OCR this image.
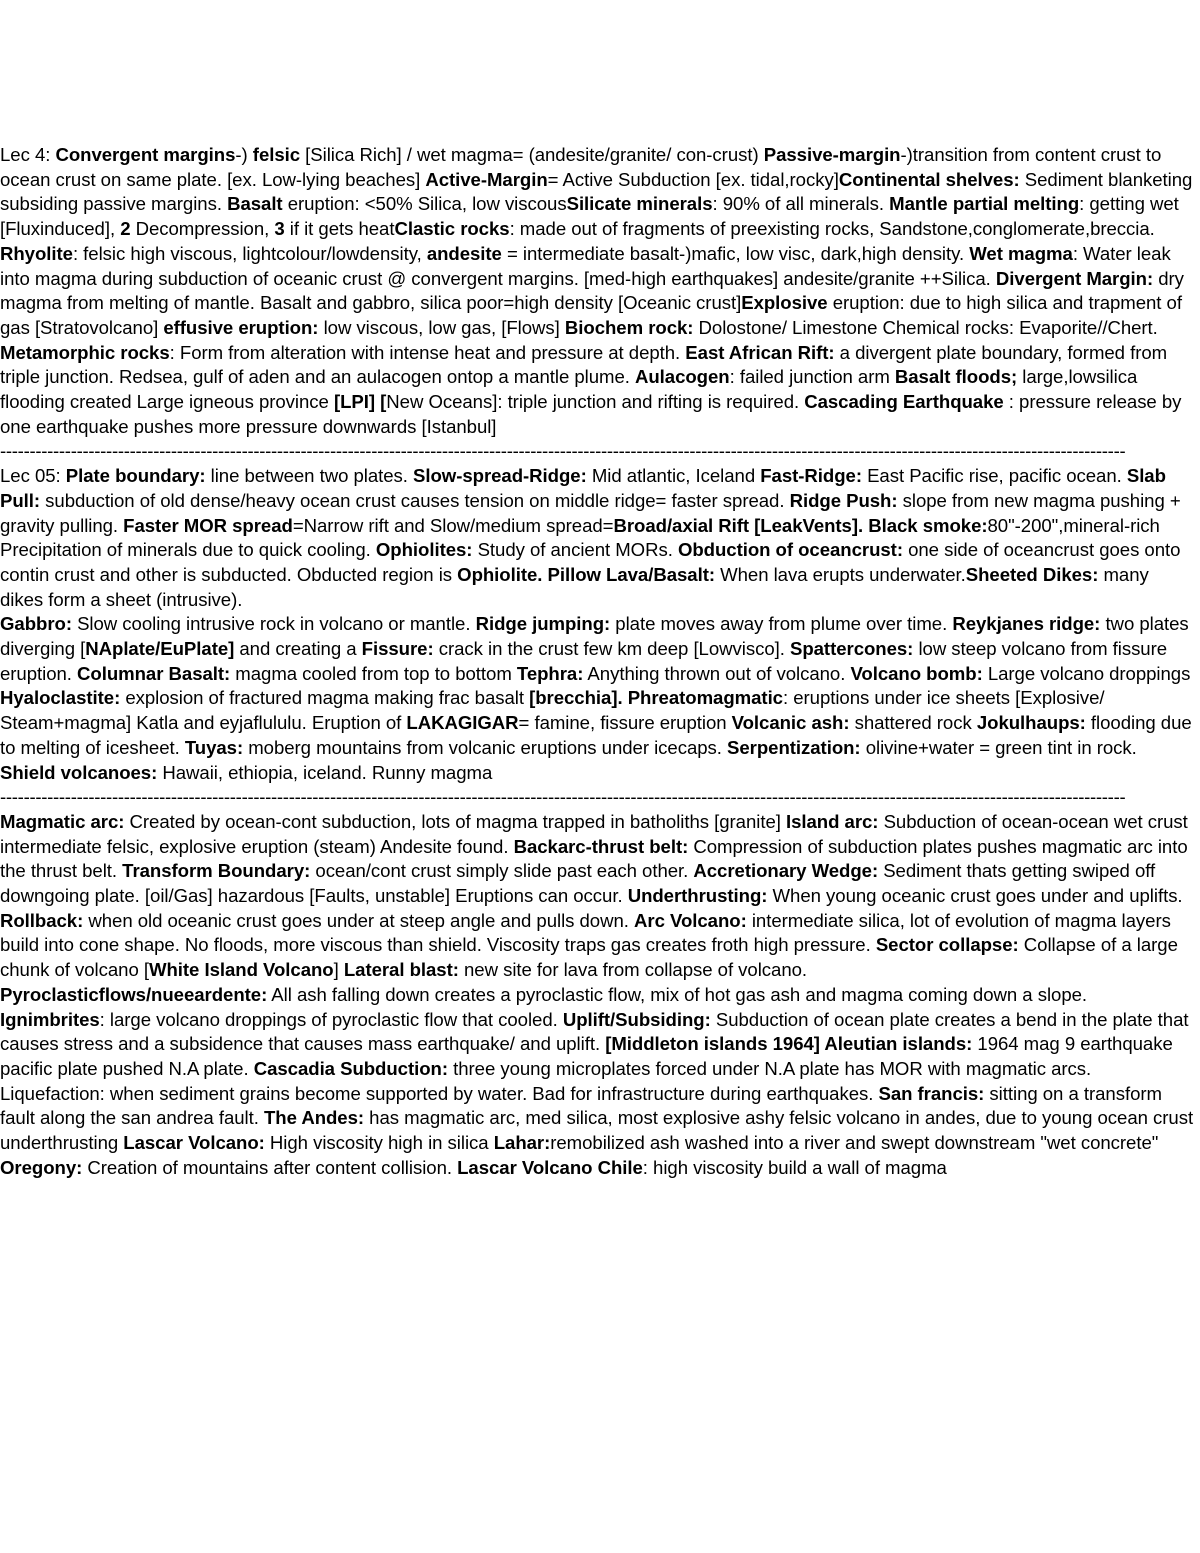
Lec 4: Convergent margins-) felsic [Silica Rich] / wet magma= (andesite/granite/ con-crust) Passive-margin-)transition from content crust to ocean crust on same plate. [ex. Low-lying beaches] Active-Margin= Active Subduction [ex. tidal,rocky]Continental shelves: Sediment blanketing subsiding passive margins. Basalt eruption: <50% Silica, low viscousSilicate minerals: 90% of all minerals. Mantle partial melting: getting wet [Fluxinduced], 2 Decompression, 3 if it gets heatClastic rocks: made out of fragments of preexisting rocks, Sandstone,conglomerate,breccia. Rhyolite: felsic high viscous, lightcolour/lowdensity, andesite = intermediate basalt-)mafic, low visc, dark,high density. Wet magma: Water leak into magma during subduction of oceanic crust @ convergent margins. [med-high earthquakes] andesite/granite ++Silica. Divergent Margin: dry magma from melting of mantle. Basalt and gabbro, silica poor=high density [Oceanic crust]Explosive eruption: due to high silica and trapment of gas [Stratovolcano] effusive eruption: low viscous, low gas, [Flows] Biochem rock: Dolostone/ Limestone Chemical rocks: Evaporite//Chert. Metamorphic rocks: Form from alteration with intense heat and pressure at depth. East African Rift: a divergent plate boundary, formed from triple junction. Redsea, gulf of aden and an aulacogen ontop a mantle plume. Aulacogen: failed junction arm Basalt floods; large,lowsilica flooding created Large igneous province [LPI] [New Oceans]: triple junction and rifting is required. Cascading Earthquake : pressure release by one earthquake pushes more pressure downwards [Istanbul]

-----------------------------------------------------------------------------------------------------------------------------------------------------------------------------------------------

Lec 05: Plate boundary: line between two plates. Slow-spread-Ridge: Mid atlantic, Iceland Fast-Ridge: East Pacific rise, pacific ocean. Slab Pull: subduction of old dense/heavy ocean crust causes tension on middle ridge= faster spread. Ridge Push: slope from new magma pushing + gravity pulling. Faster MOR spread=Narrow rift and Slow/medium spread=Broad/axial Rift [LeakVents]. Black smoke:80"-200",mineral-rich Precipitation of minerals due to quick cooling. Ophiolites: Study of ancient MORs. Obduction of oceancrust: one side of oceancrust goes onto contin crust and other is subducted. Obducted region is Ophiolite. Pillow Lava/Basalt: When lava erupts underwater.Sheeted Dikes: many dikes form a sheet (intrusive).

Gabbro: Slow cooling intrusive rock in volcano or mantle. Ridge jumping: plate moves away from plume over time. Reykjanes ridge: two plates diverging [NAplate/EuPlate] and creating a Fissure: crack in the crust few km deep [Lowvisco]. Spattercones: low steep volcano from fissure eruption. Columnar Basalt: magma cooled from top to bottom Tephra: Anything thrown out of volcano. Volcano bomb: Large volcano droppings Hyaloclastite: explosion of fractured magma making frac basalt [brecchia]. Phreatomagmatic: eruptions under ice sheets [Explosive/ Steam+magma] Katla and eyjaflululu. Eruption of LAKAGIGAR= famine, fissure eruption Volcanic ash: shattered rock Jokulhaups: flooding due to melting of icesheet. Tuyas: moberg mountains from volcanic eruptions under icecaps. Serpentization: olivine+water = green tint in rock. Shield volcanoes: Hawaii, ethiopia, iceland. Runny magma

-----------------------------------------------------------------------------------------------------------------------------------------------------------------------------------------------

Magmatic arc: Created by ocean-cont subduction, lots of magma trapped in batholiths [granite] Island arc: Subduction of ocean-ocean wet crust intermediate felsic, explosive eruption (steam) Andesite found. Backarc-thrust belt: Compression of subduction plates pushes magmatic arc into the thrust belt. Transform Boundary: ocean/cont crust simply slide past each other. Accretionary Wedge: Sediment thats getting swiped off downgoing plate. [oil/Gas] hazardous [Faults, unstable] Eruptions can occur. Underthrusting: When young oceanic crust goes under and uplifts. Rollback: when old oceanic crust goes under at steep angle and pulls down. Arc Volcano: intermediate silica, lot of evolution of magma layers build into cone shape. No floods, more viscous than shield. Viscosity traps gas creates froth high pressure. Sector collapse: Collapse of a large chunk of volcano [White Island Volcano] Lateral blast: new site for lava from collapse of volcano.

Pyroclasticflows/nueeardente: All ash falling down creates a pyroclastic flow, mix of hot gas ash and magma coming down a slope. Ignimbrites: large volcano droppings of pyroclastic flow that cooled. Uplift/Subsiding: Subduction of ocean plate creates a bend in the plate that causes stress and a subsidence that causes mass earthquake/ and uplift. [Middleton islands 1964] Aleutian islands: 1964 mag 9 earthquake pacific plate pushed N.A plate. Cascadia Subduction: three young microplates forced under N.A plate has MOR with magmatic arcs. Liquefaction: when sediment grains become supported by water. Bad for infrastructure during earthquakes. San francis: sitting on a transform fault along the san andrea fault. The Andes: has magmatic arc, med silica, most explosive ashy felsic volcano in andes, due to young ocean crust underthrusting Lascar Volcano: High viscosity high in silica Lahar:remobilized ash washed into a river and swept downstream "wet concrete" Oregony: Creation of mountains after content collision. Lascar Volcano Chile: high viscosity build a wall of magma
